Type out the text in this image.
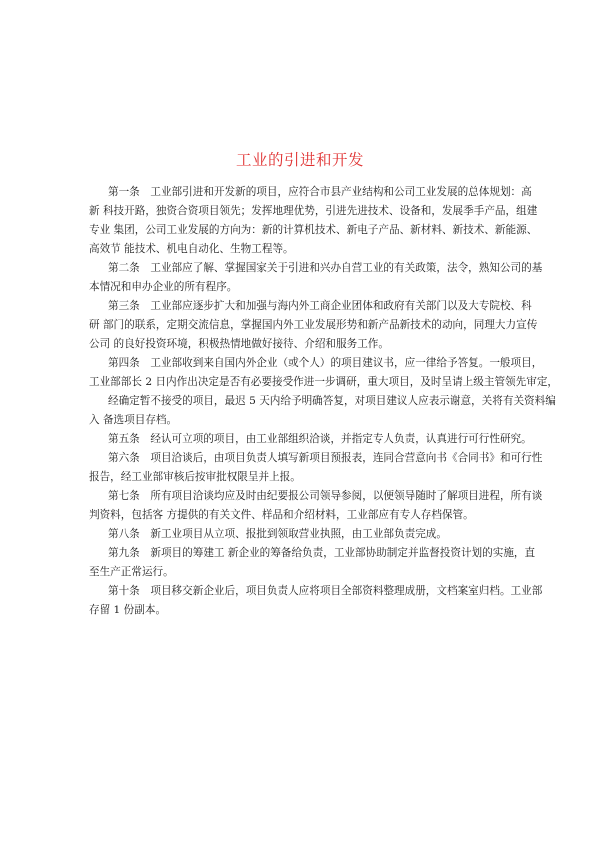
工业的引进和开发
第一条　工业部引进和开发新的项目，应符合市县产业结构和公司工业发展的总体规划：高
新 科技开路，独资合资项目领先；发挥地理优势，引进先进技术、设备和，发展季手产品，组建
专业 集团，公司工业发展的方向为：新的计算机技术、新电子产品、新材料、新技术、新能源、
高效节 能技术、机电自动化、生物工程等。
第二条　工业部应了解、掌握国家关于引进和兴办自营工业的有关政策，法令，熟知公司的基
本情况和申办企业的所有程序。
第三条　工业部应逐步扩大和加强与海内外工商企业团体和政府有关部门以及大专院校、科
研 部门的联系，定期交流信息，掌握国内外工业发展形势和新产品新技术的动向，同理大力宣传
公司 的良好投资环境，积极热情地做好接待、介绍和服务工作。
第四条　工业部收到来自国内外企业（或个人）的项目建议书，应一律给予答复。一般项目，
工业部部长 2 日内作出决定是否有必要接受作进一步调研，重大项目，及时呈请上级主管领先审定，
经确定暂不接受的项目，最迟 5 天内给予明确答复，对项目建议人应表示谢意，关将有关资料编
入 备选项目存档。
第五条　经认可立项的项目，由工业部组织洽谈，并指定专人负责，认真进行可行性研究。
第六条　项目洽谈后，由项目负责人填写新项目预报表，连同合营意向书《合同书》和可行性
报告，经工业部审核后按审批权限呈并上报。
第七条　所有项目洽谈均应及时由纪要报公司领导参阅，以便领导随时了解项目进程，所有谈
判资料，包括客 方提供的有关文件、样品和介绍材料，工业部应有专人存档保管。
第八条　新工业项目从立项、报批到领取营业执照，由工业部负责完成。
第九条　新项目的筹建工 新企业的筹备给负责，工业部协助制定并监督投资计划的实施，直
至生产正常运行。
第十条　项目移交新企业后，项目负责人应将项目全部资料整理成册，文档案室归档。工业部
存留 1 份副本。
